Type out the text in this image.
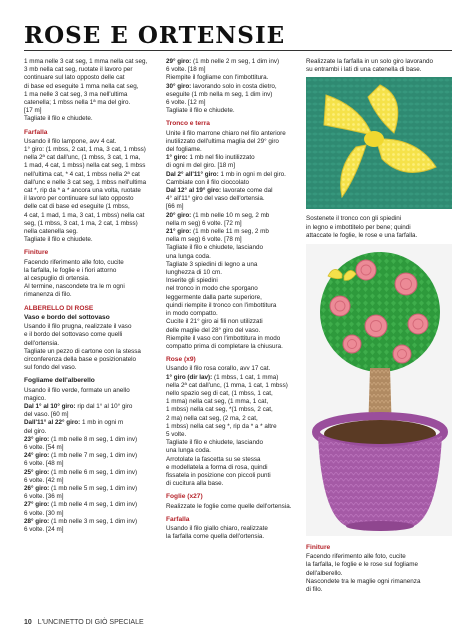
ROSE E ORTENSIE

1 mma nelle 3 cat seg, 1 mma nella cat seg,
3 mb nella cat seg, ruotate il lavoro per
continuare sul lato opposto delle cat
di base ed eseguite 1 mma nella cat seg,
1 ma nelle 3 cat seg, 3 ma nell'ultima
catenella; 1 mbss nella 1ª ma del giro.
[17 m]
Tagliate il filo e chiudete.

Farfalla

Usando il filo lampone, avv 4 cat.
1° giro: (1 mbss, 2 cat, 1 ma, 3 cat, 1 mbss)
nella 2ª cat dall'unc, (1 mbss, 3 cat, 1 ma,
1 mad, 4 cat, 1 mbss) nella cat seg, 1 mbss
nell'ultima cat, * 4 cat, 1 mbss nella 2ª cat
dall'unc e nelle 3 cat seg, 1 mbss nell'ultima
cat *, rip da * a * ancora una volta, ruotate
il lavoro per continuare sul lato opposto
delle cat di base ed eseguite (1 mbss,
4 cat, 1 mad, 1 ma, 3 cat, 1 mbss) nella cat
seg, (1 mbss, 3 cat, 1 ma, 2 cat, 1 mbss)
nella catenella seg.
Tagliate il filo e chiudete.

Finiture

Facendo riferimento alle foto, cucite
la farfalla, le foglie e i fiori attorno
al cespuglio di ortensia.
Al termine, nascondete tra le m ogni
rimanenza di filo.

ALBERELLO DI ROSE
Vaso e bordo del sottovaso

Usando il filo prugna, realizzate il vaso
e il bordo del sottovaso come quelli
dell'ortensia.
Tagliate un pezzo di cartone con la stessa
circonferenza della base e posizionatelo
sul fondo del vaso.

Fogliame dell'alberello

Usando il filo verde, formate un anello
magico.
Dal 1° al 10° giro: rip dal 1° al 10° giro
del vaso. [60 m]
Dall'11° al 22° giro: 1 mb in ogni m
del giro.
23° giro: (1 mb nelle 8 m seg, 1 dim inv)
6 volte. [54 m]
24° giro: (1 mb nelle 7 m seg, 1 dim inv)
6 volte. [48 m]
25° giro: (1 mb nelle 6 m seg, 1 dim inv)
6 volte. [42 m]
26° giro: (1 mb nelle 5 m seg, 1 dim inv)
6 volte. [36 m]
27° giro: (1 mb nelle 4 m seg, 1 dim inv)
6 volte. [30 m]
28° giro: (1 mb nelle 3 m seg, 1 dim inv)
6 volte. [24 m]

29° giro: (1 mb nelle 2 m seg, 1 dim inv)
6 volte. [18 m]
Riempite il fogliame con l'imbottitura.
30° giro: lavorando solo in costa dietro,
eseguite (1 mb nella m seg, 1 dim inv)
6 volte. [12 m]
Tagliate il filo e chiudete.

Tronco e terra

Unite il filo marrone chiaro nel filo anteriore
inutilizzato dell'ultima maglia del 29° giro
del fogliame.
1° giro: 1 mb nel filo inutilizzato
di ogni m del giro. [18 m]
Dal 2° all'11° giro: 1 mb in ogni m del giro.
Cambiate con il filo cioccolato
Dal 12° al 19° giro: lavorate come dal
4° all'11° giro del vaso dell'ortensia.
[66 m]
20° giro: (1 mb nelle 10 m seg, 2 mb
nella m seg) 6 volte. [72 m]
21° giro: (1 mb nelle 11 m seg, 2 mb
nella m seg) 6 volte. [78 m]
Tagliate il filo e chiudete, lasciando
una lunga coda.
Tagliate 3 spiedini di legno a una
lunghezza di 10 cm.
Inserite gli spiedini
nel tronco in modo che sporgano
leggermente dalla parte superiore,
quindi riempite il tronco con l'imbottitura
in modo compatto.
Cucite il 21° giro ai fili non utilizzati
delle maglie del 28° giro del vaso.
Riempite il vaso con l'imbottitura in modo
compatto prima di completare la chiusura.

Rose (x9)

Usando il filo rosa corallo, avv 17 cat.
1° giro (dir lav): (1 mbss, 1 cat, 1 mma)
nella 2ª cat dall'unc, (1 mma, 1 cat, 1 mbss)
nello spazio seg di cat, (1 mbss, 1 cat,
1 mma) nella cat seg, (1 mma, 1 cat,
1 mbss) nella cat seg, *(1 mbss, 2 cat,
2 ma) nella cat seg, (2 ma, 2 cat,
1 mbss) nella cat seg *, rip da * a * altre
5 volte.
Tagliate il filo e chiudete, lasciando
una lunga coda.
Arrotolate la fascetta su se stessa
e modellatela a forma di rosa, quindi
fissatela in posizione con piccoli punti
di cucitura alla base.

Foglie (x27)

Realizzate le foglie come quelle dell'ortensia.

Farfalla

Usando il filo giallo chiaro, realizzate
la farfalla come quella dell'ortensia.

Realizzate la farfalla in un solo giro lavorando
su entrambi i lati di una catenella di base.

Sostenete il tronco con gli spiedini
in legno e imbottitelo per bene; quindi
attaccate le foglie, le rose e una farfalla.

Finiture

Facendo riferimento alle foto, cucite
la farfalla, le foglie e le rose sul fogliame
dell'alberello.
Nascondete tra le maglie ogni rimanenza
di filo.

10 L'UNCINETTO DI GIÒ SPECIALE
